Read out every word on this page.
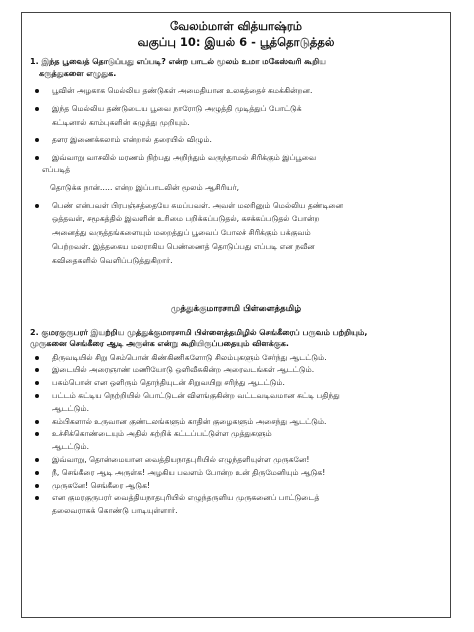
வேலம்மாள் வித்யாஷ்ரம்
வகுப்பு 10: இயல் 6 - பூத்தொடுத்தல்
1. இந்த பூவைத் தொடுப்பது எப்படி? என்ற பாடல் மூலம் உமா மகேஸ்வரி கூறிய
கருத்துகளை எழுதுக.
பூவின் அழகாக மெல்லிய தண்டுகள் அமைதியான உலகத்தைச் சுமக்கின்றன.
இந்த மெல்லிய தண்டுடைய பூவை நாரோடு அழுத்தி முடித்துப் போட்டுக்
கட்டினால் காம்புகளின் கழுத்து முறியும்.
தளர இணைக்கலாம் என்றால் தரையில் விழும்.
இவ்வாறு வாசலில் மரணம் நிற்பது அறிந்தும் வருந்தாமல் சிரிக்கும் இப்பூவை
எப்படித்
தொடுக்க நான்….. என்ற இப்பாடலின் மூலம் ஆசிரியர்,
பெண் என்பவள் பிரபஞ்சத்தையே சுமப்பவள். அவள் மலரினும் மெல்லிய தண்டினை
ஒத்தவள், சமூகத்தில் இவளின் உரிமை பறிக்கப்படுதல், கசக்கப்படுதல் போன்ற
அனைத்து வருத்தங்களையும் மறைத்துப் பூவைப் போலச் சிரிக்கும் பக்குவம்
பெற்றவள். இத்தகைய மலராகிய பெண்ணைத் தொடுப்பது எப்படி என நவீன
கவிதைகளில் வெளிப்படுத்துகிறார்.
முத்துக்குமாரசாமி பிள்ளைத்தமிழ்
2. குமரகுருபரர் இயற்றிய முத்துக்குமாரசாமி பிள்ளைத்தமிழில் செங்கீரைப் பருவம் பற்றியும்,
முருகனை செங்கீரை ஆடி அருள்க என்று கூறியிருப்பதையும் விளக்குக.
திருவடியில் சிறு செம்பொன் கிண்கிணிகளோடு சிலம்புகளும் சேர்ந்து ஆடட்டும்.
இடையில் அரைஞாண் மணியோடு ஒளிவீசுகின்ற அரைவடங்கள் ஆடட்டும்.
பசும்பொன் என ஒளிரும் தொந்தியுடன் சிறுவயிறு சரிந்து ஆடட்டும்.
பட்டம் கட்டிய நெற்றியில் பொட்டுடன் விளங்குகின்ற வட்டவடிவமான சுட்டி பதிந்து
ஆடட்டும்.
கம்பிகளால் உருவான குண்டலங்களும் காதின் குழைகளும் அசைந்து ஆடட்டும்.
உச்சிக்கொண்டையும் அதில் சுற்றிக் கட்டப்பட்டுள்ள முத்துகளும்
ஆடட்டும்.
இவ்வாறு, தொன்மையான வைத்தியநாதபுரியில் எழுந்தளியுள்ள முருகனே!
நீ, செங்கீரை ஆடி அருள்க! அழகிய பவளம் போன்ற உன் திருமேனியும் ஆடுக!
முருகனே! செங்கீரை ஆடுக!
என குமரகுருபரர் வைத்தியநாதபுரியில் எழுந்தருளிய முருகனைப் பாட்டுடைத்
தலைவராகக் கொண்டு பாடியுள்ளார்.
